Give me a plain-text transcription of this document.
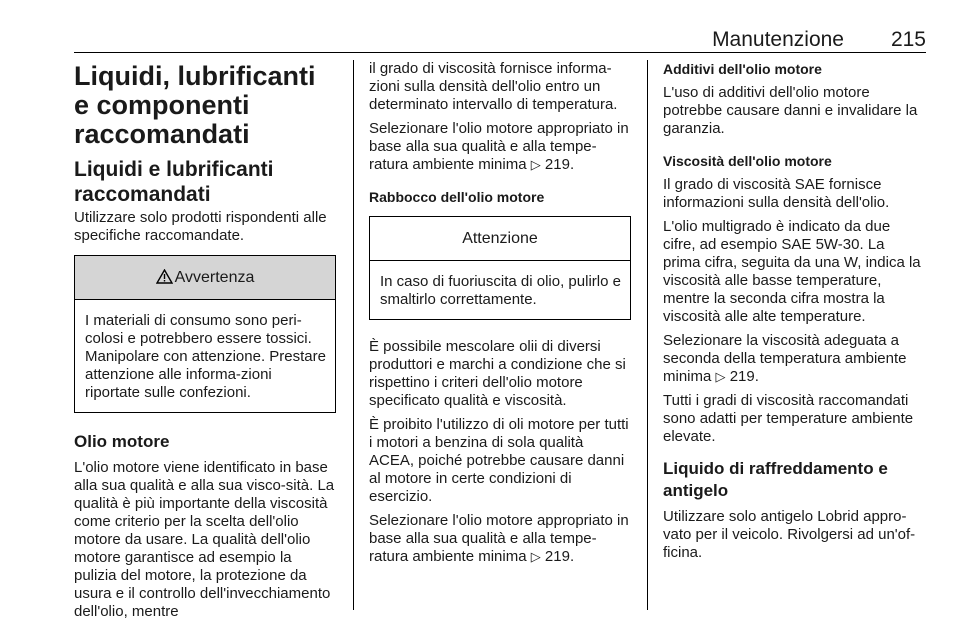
Manutenzione 215
Liquidi, lubrificanti e componenti raccomandati
Liquidi e lubrificanti raccomandati

Utilizzare solo prodotti rispondenti alle specifiche raccomandate.

Avvertenza
I materiali di consumo sono peri-colosi e potrebbero essere tossici. Manipolare con attenzione. Prestare attenzione alle informa-zioni riportate sulle confezioni.
Olio motore

L'olio motore viene identificato in base alla sua qualità e alla sua visco-sità. La qualità è più importante della viscosità come criterio per la scelta dell'olio motore da usare. La qualità dell'olio motore garantisce ad esempio la pulizia del motore, la protezione da usura e il controllo dell'invecchiamento dell'olio, mentre

il grado di viscosità fornisce informa-zioni sulla densità dell'olio entro un determinato intervallo di temperatura.

Selezionare l'olio motore appropriato in base alla sua qualità e alla tempe-ratura ambiente minima ▷ 219.

Rabbocco dell'olio motore

Attenzione
In caso di fuoriuscita di olio, pulirlo e smaltirlo correttamente.

È possibile mescolare olii di diversi produttori e marchi a condizione che si rispettino i criteri dell'olio motore specificato qualità e viscosità.

È proibito l'utilizzo di oli motore per tutti i motori a benzina di sola qualità ACEA, poiché potrebbe causare danni al motore in certe condizioni di esercizio.

Selezionare l'olio motore appropriato in base alla sua qualità e alla tempe-ratura ambiente minima ▷ 219.

Additivi dell'olio motore

L'uso di additivi dell'olio motore potrebbe causare danni e invalidare la garanzia.

Viscosità dell'olio motore

Il grado di viscosità SAE fornisce informazioni sulla densità dell'olio.

L'olio multigrado è indicato da due cifre, ad esempio SAE 5W-30. La prima cifra, seguita da una W, indica la viscosità alle basse temperature, mentre la seconda cifra mostra la viscosità alle alte temperature.

Selezionare la viscosità adeguata a seconda della temperatura ambiente minima ▷ 219.

Tutti i gradi di viscosità raccomandati sono adatti per temperature ambiente elevate.

Liquido di raffreddamento e antigelo

Utilizzare solo antigelo Lobrid appro-vato per il veicolo. Rivolgersi ad un'of-ficina.
